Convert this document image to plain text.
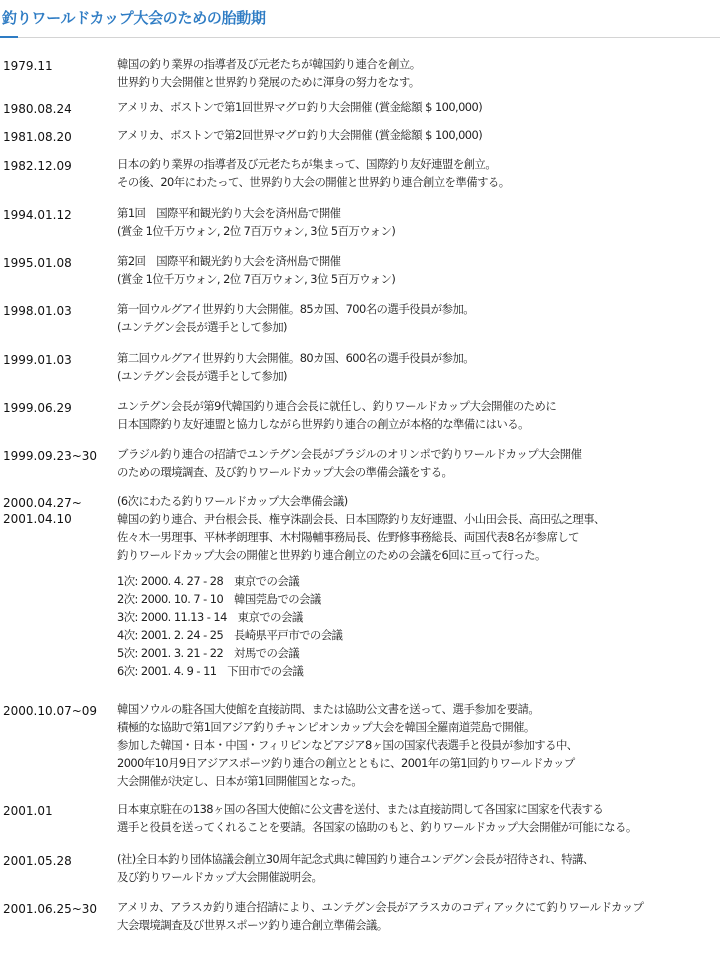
釣りワールドカップ大会のための胎動期
1979.11	韓国の釣り業界の指導者及び元老たちが韓国釣り連合を創立。
世界釣り大会開催と世界釣り発展のために渾身の努力をなす。
1980.08.24	アメリカ、ボストンで第1回世界マグロ釣り大会開催 (賞金総額 $ 100,000)
1981.08.20	アメリカ、ボストンで第2回世界マグロ釣り大会開催 (賞金総額 $ 100,000)
1982.12.09	日本の釣り業界の指導者及び元老たちが集まって、国際釣り友好連盟を創立。
その後、20年にわたって、世界釣り大会の開催と世界釣り連合創立を準備する。
1994.01.12	第1回　国際平和観光釣り大会を済州島で開催
(賞金 1位千万ウォン, 2位 7百万ウォン, 3位 5百万ウォン)
1995.01.08	第2回　国際平和観光釣り大会を済州島で開催
(賞金 1位千万ウォン, 2位 7百万ウォン, 3位 5百万ウォン)
1998.01.03	第一回ウルグアイ世界釣り大会開催。85カ国、700名の選手役員が参加。
(ユンテグン会長が選手として参加)
1999.01.03	第二回ウルグアイ世界釣り大会開催。80カ国、600名の選手役員が参加。
(ユンテグン会長が選手として参加)
1999.06.29	ユンテグン会長が第9代韓国釣り連合会長に就任し、釣りワールドカップ大会開催のために
日本国際釣り友好連盟と協力しながら世界釣り連合の創立が本格的な準備にはいる。
1999.09.23~30	ブラジル釣り連合の招請でユンテグン会長がブラジルのオリンポで釣りワールドカップ大会開催
のための環境調査、及び釣りワールドカップ大会の準備会議をする。
2000.04.27~
2001.04.10
(6次にわたる釣りワールドカップ大会準備会議)
韓国の釣り連合、尹台根会長、権亨洙副会長、日本国際釣り友好連盟、小山田会長、高田弘之理事、
佐々木一男理事、平林孝朗理事、木村陽輔事務局長、佐野修事務総長、両国代表8名が参席して
釣りワールドカップ大会の開催と世界釣り連合創立のための会議を6回に亘って行った。
1次: 2000. 4. 27 - 28　東京での会議
2次: 2000. 10. 7 - 10　韓国莞島での会議
3次: 2000. 11.13 - 14　東京での会議
4次: 2001. 2. 24 - 25　長崎県平戸市での会議
5次: 2001. 3. 21 - 22　対馬での会議
6次: 2001. 4. 9 - 11　下田市での会議
2000.10.07~09	韓国ソウルの駐各国大使館を直接訪問、または協助公文書を送って、選手参加を要請。
積極的な協助で第1回アジア釣りチャンピオンカップ大会を韓国全羅南道莞島で開催。
参加した韓国・日本・中国・フィリピンなどアジア8ヶ国の国家代表選手と役員が参加する中、
2000年10月9日アジアスポーツ釣り連合の創立とともに、2001年の第1回釣りワールドカップ
大会開催が決定し、日本が第1回開催国となった。
2001.01	日本東京駐在の138ヶ国の各国大使館に公文書を送付、または直接訪問して各国家に国家を代表する
選手と役員を送ってくれることを要請。各国家の協助のもと、釣りワールドカップ大会開催が可能になる。
2001.05.28	(社)全日本釣り団体協議会創立30周年記念式典に韓国釣り連合ユンデグン会長が招待され、特講、
及び釣りワールドカップ大会開催説明会。
2001.06.25~30	アメリカ、アラスカ釣り連合招請により、ユンテグン会長がアラスカのコディアックにて釣りワールドカップ
大会環境調査及び世界スポーツ釣り連合創立準備会議。
